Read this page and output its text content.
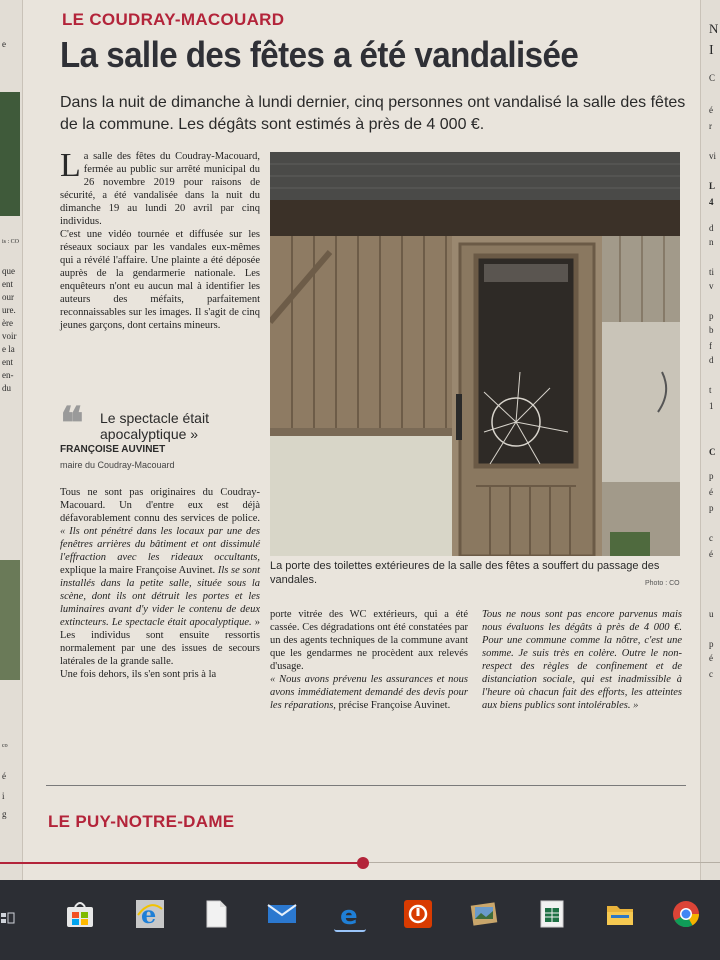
e
is : CO
que
ent
our
ure.
ère
voir
e la
ent
en-
du
co
é
i
g
N
I
C
é
r
vi
L
4
d
n
ti
v
p
b
f
d
t
1
C
p
é
p
c
é
u
p
é
c
LE COUDRAY-MACOUARD
La salle des fêtes a été vandalisée
Dans la nuit de dimanche à lundi dernier, cinq personnes ont vandalisé la salle des fêtes de la commune. Les dégâts sont estimés à près de 4 000 €.

La salle des fêtes du Coudray-Macouard, fermée au public sur arrêté municipal du 26 novembre 2019 pour raisons de sécurité, a été vandalisée dans la nuit du dimanche 19 au lundi 20 avril par cinq individus.

C'est une vidéo tournée et diffusée sur les réseaux sociaux par les vandales eux-mêmes qui a révélé l'affaire. Une plainte a été déposée auprès de la gendarmerie nationale. Les enquêteurs n'ont eu aucun mal à identifier les auteurs des méfaits, parfaitement reconnaissables sur les images. Il s'agit de cinq jeunes garçons, dont certains mineurs.

❝ Le spectacle était apocalyptique »
FRANÇOISE AUVINET
maire du Coudray-Macouard

Tous ne sont pas originaires du Coudray-Macouard. Un d'entre eux est déjà défavorablement connu des services de police. « Ils ont pénétré dans les locaux par une des fenêtres arrières du bâtiment et ont dissimulé l'effraction avec les rideaux occultants, explique la maire Françoise Auvinet. Ils se sont installés dans la petite salle, située sous la scène, dont ils ont détruit les portes et les luminaires avant d'y vider le contenu de deux extincteurs. Le spectacle était apocalyptique. » Les individus sont ensuite ressortis normalement par une des issues de secours latérales de la grande salle.

Une fois dehors, ils s'en sont pris à la

La porte des toilettes extérieures de la salle des fêtes a souffert du passage des vandales.	Photo : CO

porte vitrée des WC extérieurs, qui a été cassée. Ces dégradations ont été constatées par un des agents techniques de la commune avant que les gendarmes ne procèdent aux relevés d'usage.

« Nous avons prévenu les assurances et nous avons immédiatement demandé des devis pour les réparations, précise Françoise Auvinet.

Tous ne nous sont pas encore parvenus mais nous évaluons les dégâts à près de 4 000 €. Pour une commune comme la nôtre, c'est une somme. Je suis très en colère. Outre le non-respect des règles de confinement et de distanciation sociale, qui est inadmissible à l'heure où chacun fait des efforts, les atteintes aux biens publics sont intolérables. »

LE PUY-NOTRE-DAME
e	e
